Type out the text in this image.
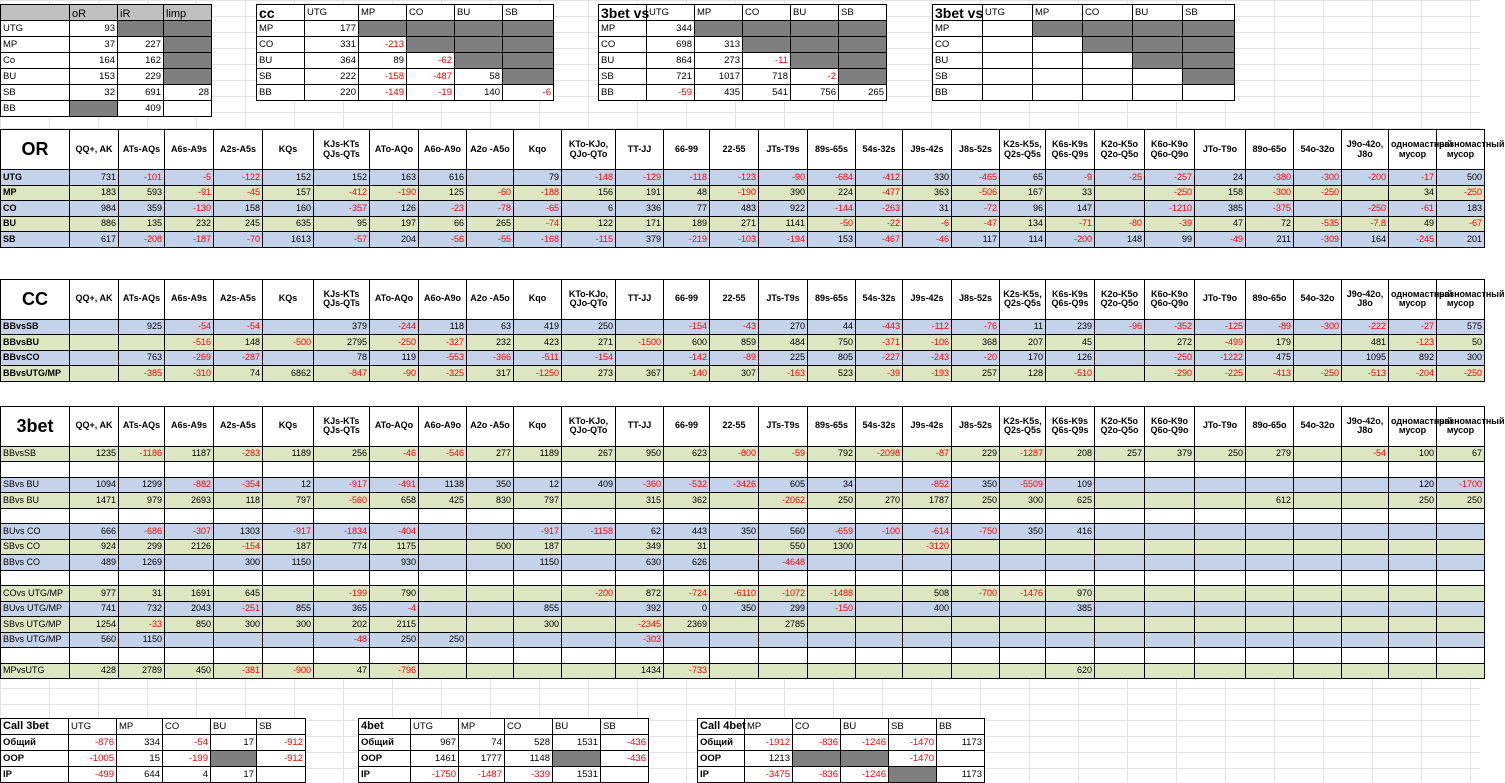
	oR	iR	limp
UTG	93		
MP	37	227	
Co	164	162	
BU	153	229	
SB	32	691	28
BB		409	
cc	UTG	MP	CO	BU	SB
MP	177				
CO	331	-213			
BU	364	89	-62		
SB	222	-158	-487	58	
BB	220	-149	-19	140	-6
3bet vs	UTG	MP	CO	BU	SB
MP	344				
CO	698	313			
BU	864	273	-11		
SB	721	1017	718	-2	
BB	-59	435	541	756	265
3bet vs	UTG	MP	CO	BU	SB
MP					
CO					
BU					
SB					
BB					
OR	QQ+, AK	ATs-AQs	A6s-A9s	A2s-A5s	KQs	KJs-KTs QJs-QTs	ATo-AQo	A6o-A9o	A2o -A5o	Kqo	KTo-KJo, QJo-QTo	TT-JJ	66-99	22-55	JTs-T9s	89s-65s	54s-32s	J9s-42s	J8s-52s	K2s-K5s, Q2s-Q5s	K6s-K9s Q6s-Q9s	K2o-K5o Q2o-Q5o	K6o-K9o Q6o-Q9o	JTo-T9o	89o-65o	54o-32o	J9o-42o, J8o	одномастный мусор	разномастный мусор
UTG	731	-101	-5	-122	152	152	163	616		79	-148	-129	-118	-123	-90	-684	-412	330	-465	65	-9	-25	-257	24	-380	-300	-200	-17	500
MP	183	593	-91	-45	157	-412	-190	125	-60	-188	156	191	48	-190	390	224	-477	363	-506	167	33		-250	158	-300	-250		34	-250
CO	984	359	-130	158	160	-357	126	-23	-78	-65	6	336	77	483	922	-144	-263	31	-72	96	147		-1210	385	-375		-250	-61	183
BU	886	135	232	245	635	95	197	66	265	-74	122	171	189	271	1141	-50	-22	-6	-47	134	-71	-80	-39	47	72	-535	-7.8	49	-67
SB	617	-208	-187	-70	1613	-57	204	-56	-55	-168	-115	379	-219	-103	-194	153	-467	-46	117	114	-200	148	99	-49	211	-309	164	-245	201

CC	QQ+, AK	ATs-AQs	A6s-A9s	A2s-A5s	KQs	KJs-KTs QJs-QTs	ATo-AQo	A6o-A9o	A2o -A5o	Kqo	KTo-KJo, QJo-QTo	TT-JJ	66-99	22-55	JTs-T9s	89s-65s	54s-32s	J9s-42s	J8s-52s	K2s-K5s, Q2s-Q5s	K6s-K9s Q6s-Q9s	K2o-K5o Q2o-Q5o	K6o-K9o Q6o-Q9o	JTo-T9o	89o-65o	54o-32o	J9o-42o, J8o	одномастный мусор	разномастный мусор
BBvsSB		925	-54	-54		379	-244	118	63	419	250		-154	-43	270	44	-443	-112	-76	11	239	-96	-352	-125	-89	-300	-222	-27	575
BBvsBU			-516	148	-500	2795	-250	-327	232	423	271	-1500	600	859	484	750	-371	-106	368	207	45		272	-499	179		481	-123	50
BBvsCO		763	-269	-287		78	119	-553	-366	-511	-154		-142	-89	225	805	-227	-243	-20	170	126		-250	-1222	475		1095	892	300
BBvsUTG/MP		-385	-310	74	6862	-847	-90	-325	317	-1250	273	367	-140	307	-163	523	-39	-193	257	128	-510		-290	-225	-413	-250	-513	-204	-250

3bet	QQ+, AK	ATs-AQs	A6s-A9s	A2s-A5s	KQs	KJs-KTs QJs-QTs	ATo-AQo	A6o-A9o	A2o -A5o	Kqo	KTo-KJo, QJo-QTo	TT-JJ	66-99	22-55	JTs-T9s	89s-65s	54s-32s	J9s-42s	J8s-52s	K2s-K5s, Q2s-Q5s	K6s-K9s Q6s-Q9s	K2o-K5o Q2o-Q5o	K6o-K9o Q6o-Q9o	JTo-T9o	89o-65o	54o-32o	J9o-42o, J8o	одномастный мусор	разномастный мусор
BBvsSB	1235	-1186	1187	-283	1189	256	-46	-546	277	1189	267	950	623	-800	-59	792	-2098	-87	229	-1287	208	257	379	250	279		-54	100	67

SBvs BU	1094	1299	-882	-354	12	-917	-491	1138	350	12	409	-360	-532	-3426	605	34		-852	350	-5509	109							120	-1700
BBvs BU	1471	979	2693	118	797	-560	658	425	830	797		315	362		-2062	250	270	1787	250	300	625				612			250	250

BUvs CO	666	-686	-307	1303	-917	-1834	-404			-917	-1158	62	443	350	560	-659	-100	-614	-750	350	416								
SBvs CO	924	299	2126	-154	187	774	1175		500	187		349	31		550	1300		-3120											
BBvs CO	489	1269		300	1150		930			1150		630	626		-4648														

COvs UTG/MP	977	31	1691	645		-199	790				-200	872	-724	-6110	-1072	-1488		508	-700	-1476	970								
BUvs UTG/MP	741	732	2043	-251	855	365	-4			855		392	0	350	299	-150		400			385								
SBvs UTG/MP	1254	-33	850	300	300	202	2115			300		-2345	2369		2785														
BBvs UTG/MP	560	1150				-48	250	250				-303																	

MPvsUTG	428	2789	450	-381	-900	47	-796					1434	-733								620								
Call 3bet	UTG	MP	CO	BU	SB
Общий	-876	334	-54	17	-912
OOP	-1005	15	-199		-912
IP	-499	644	4	17	
4bet	UTG	MP	CO	BU	SB
Общий	967	74	528	1531	-436
OOP	1461	1777	1148		-436
IP	-1750	-1487	-339	1531	
Call 4bet	MP	CO	BU	SB	BB
Общий	-1912	-836	-1246	-1470	1173
OOP	1213			-1470	
IP	-3475	-836	-1246		1173
